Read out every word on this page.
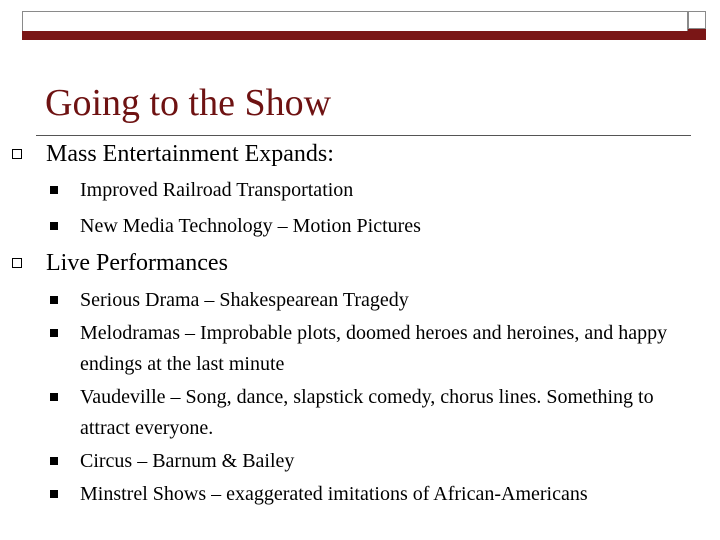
Going to the Show
Mass Entertainment Expands:
Improved Railroad Transportation
New Media Technology – Motion Pictures
Live Performances
Serious Drama – Shakespearean Tragedy
Melodramas – Improbable plots, doomed heroes and heroines, and happy endings at the last minute
Vaudeville – Song, dance, slapstick comedy, chorus lines. Something to attract everyone.
Circus – Barnum & Bailey
Minstrel Shows – exaggerated imitations of African-Americans
